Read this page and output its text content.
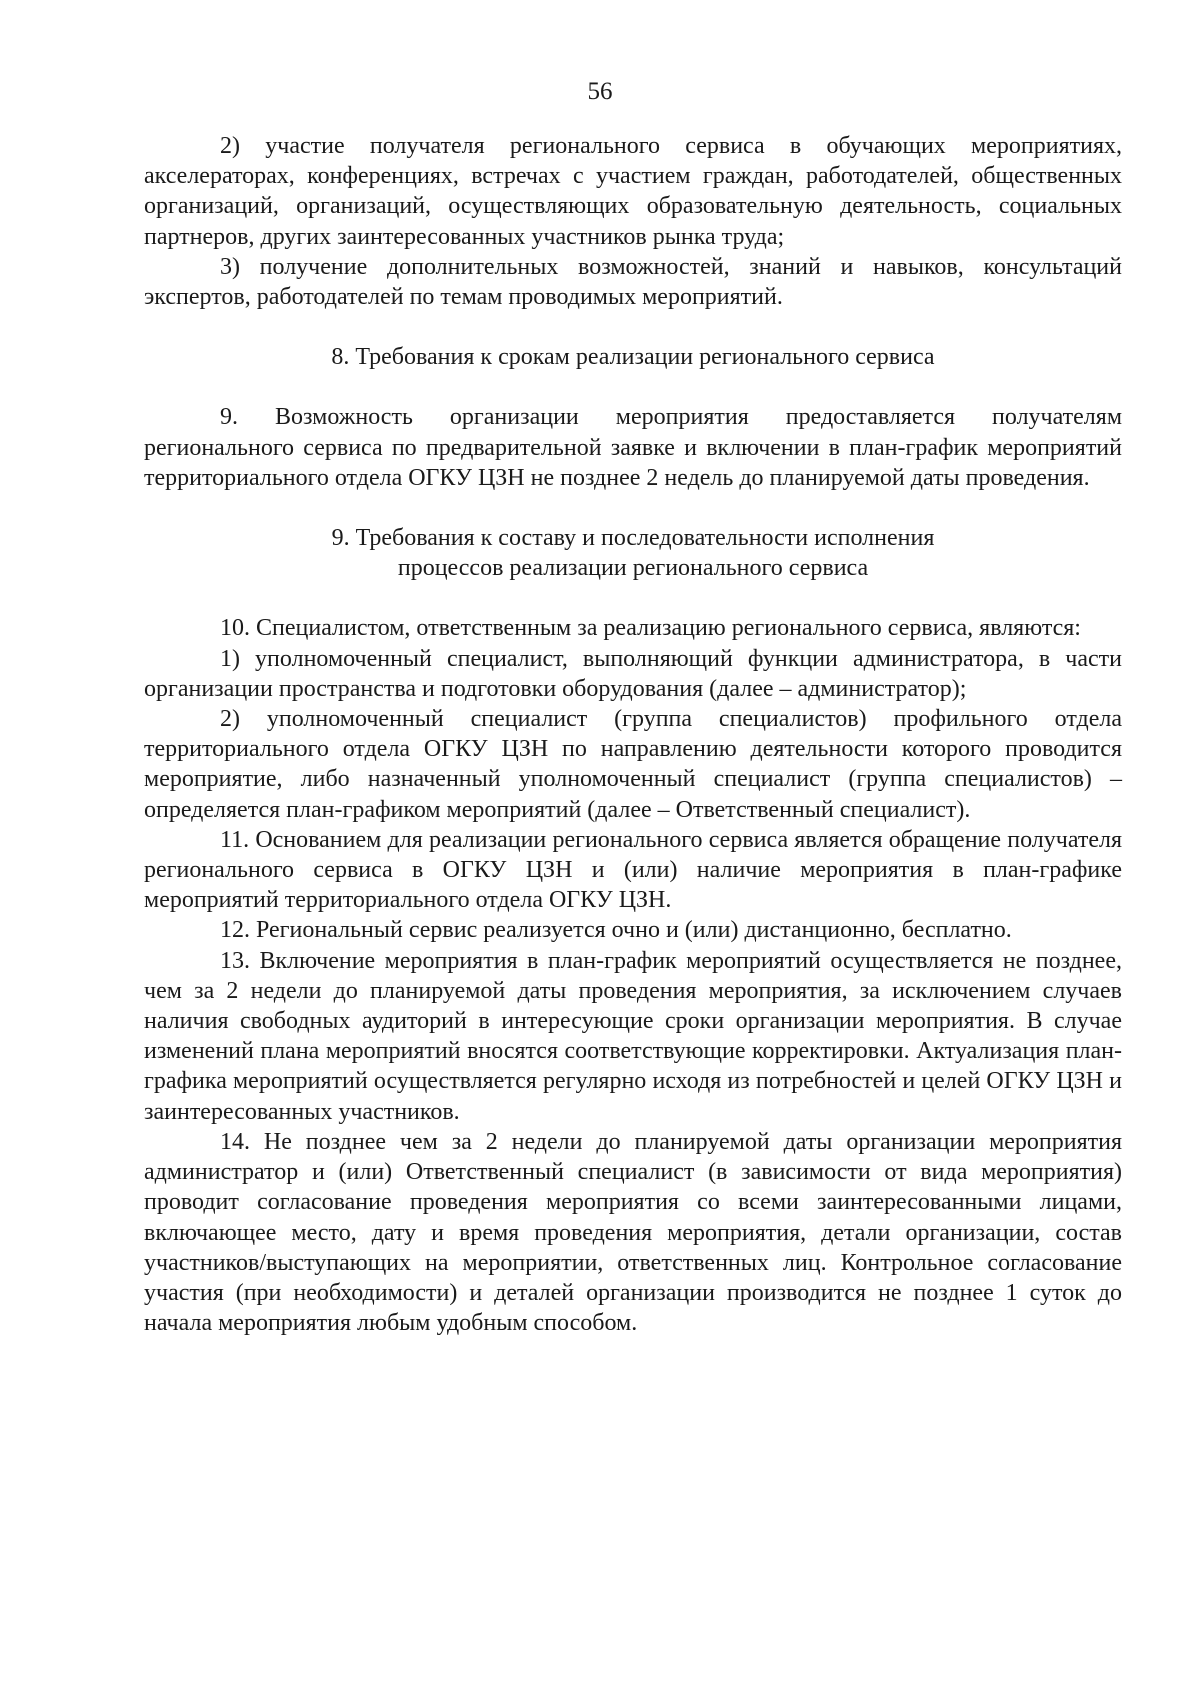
56

2) участие получателя регионального сервиса в обучающих мероприятиях, акселераторах, конференциях, встречах с участием граждан, работодателей, общественных организаций, организаций, осуществляющих образовательную деятельность, социальных партнеров, других заинтересованных участников рынка труда;

3) получение дополнительных возможностей, знаний и навыков, консультаций экспертов, работодателей по темам проводимых мероприятий.

8. Требования к срокам реализации регионального сервиса

9. Возможность организации мероприятия предоставляется получателям регионального сервиса по предварительной заявке и включении в план-график мероприятий территориального отдела ОГКУ ЦЗН не позднее 2 недель до планируемой даты проведения.

9. Требования к составу и последовательности исполнения
процессов реализации регионального сервиса

10. Специалистом, ответственным за реализацию регионального сервиса, являются:

1) уполномоченный специалист, выполняющий функции администратора, в части организации пространства и подготовки оборудования (далее – администратор);

2) уполномоченный специалист (группа специалистов) профильного отдела территориального отдела ОГКУ ЦЗН по направлению деятельности которого проводится мероприятие, либо назначенный уполномоченный специалист (группа специалистов) – определяется план-графиком мероприятий (далее – Ответственный специалист).

11. Основанием для реализации регионального сервиса является обращение получателя регионального сервиса в ОГКУ ЦЗН и (или) наличие мероприятия в план-графике мероприятий территориального отдела ОГКУ ЦЗН.

12. Региональный сервис реализуется очно и (или) дистанционно, бесплатно.

13. Включение мероприятия в план-график мероприятий осуществляется не позднее, чем за 2 недели до планируемой даты проведения мероприятия, за исключением случаев наличия свободных аудиторий в интересующие сроки организации мероприятия. В случае изменений плана мероприятий вносятся соответствующие корректировки. Актуализация план-графика мероприятий осуществляется регулярно исходя из потребностей и целей ОГКУ ЦЗН и заинтересованных участников.

14. Не позднее чем за 2 недели до планируемой даты организации мероприятия администратор и (или) Ответственный специалист (в зависимости от вида мероприятия) проводит согласование проведения мероприятия со всеми заинтересованными лицами, включающее место, дату и время проведения мероприятия, детали организации, состав участников/выступающих на мероприятии, ответственных лиц. Контрольное согласование участия (при необходимости) и деталей организации производится не позднее 1 суток до начала мероприятия любым удобным способом.
